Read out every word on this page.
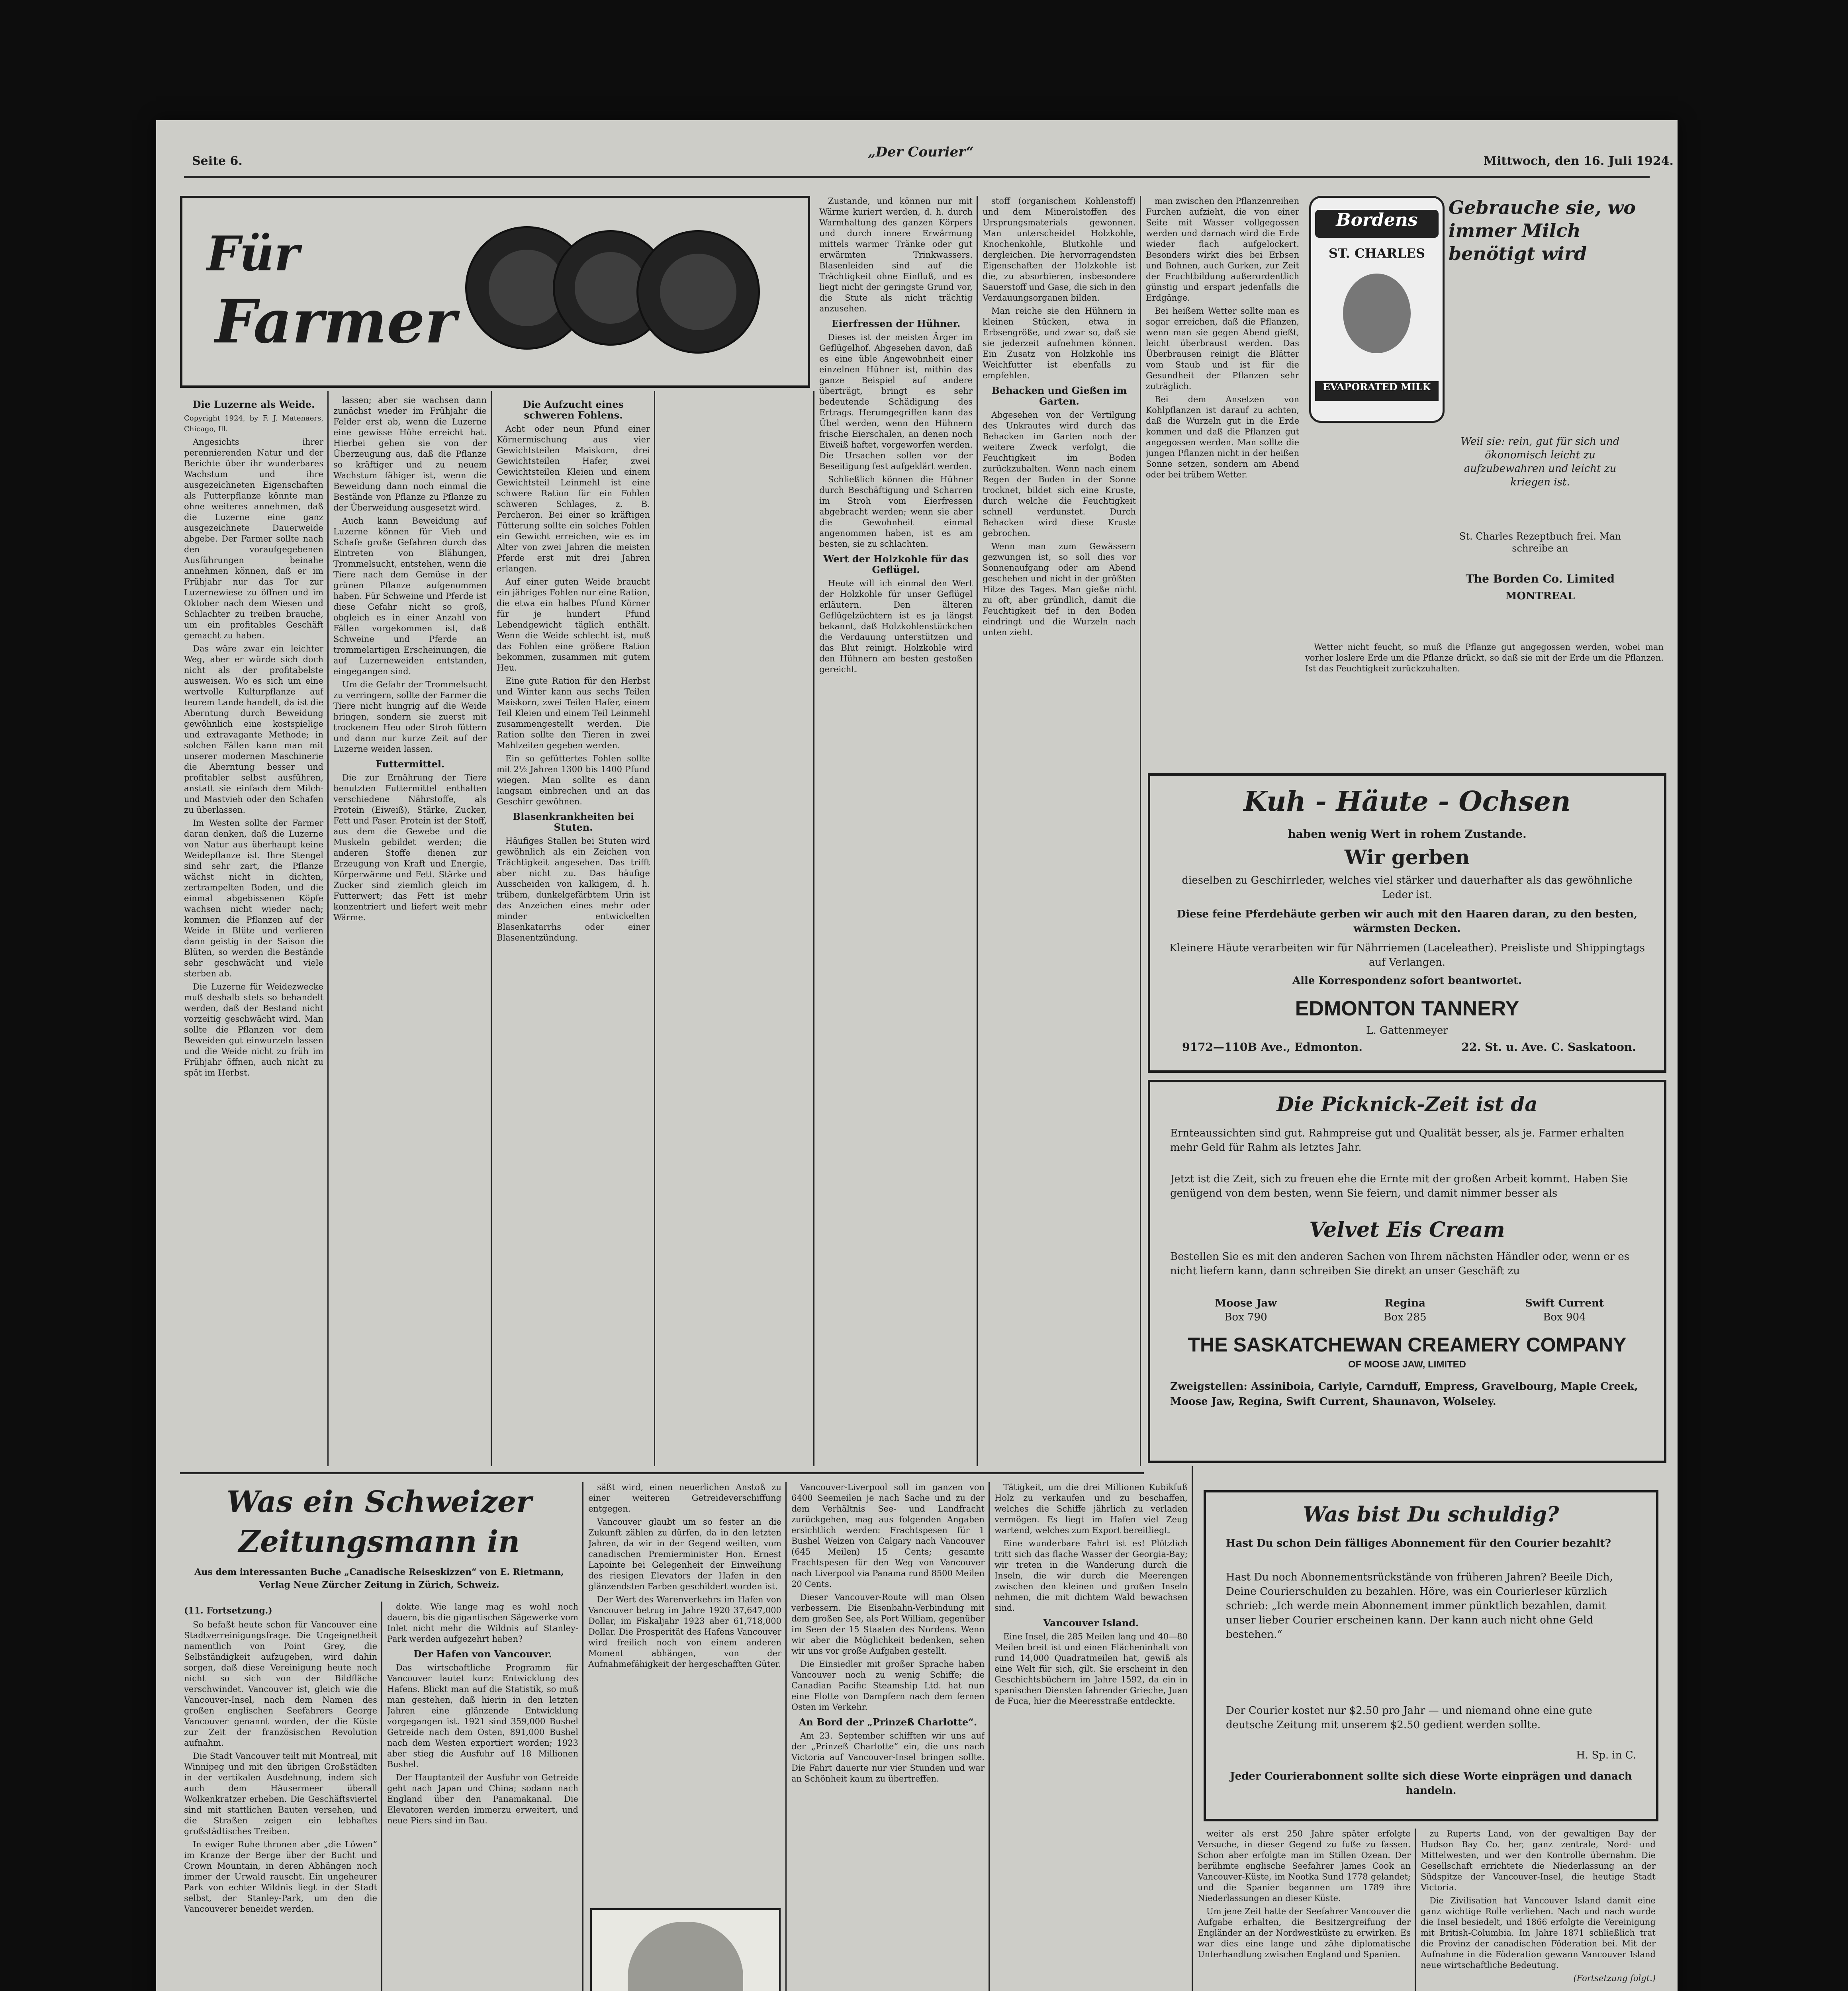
Seite 6.
„Der Courier“
Mittwoch, den 16. Juli 1924.
Für
Farmer
Die Luzerne als Weide.

Copyright 1924, by F. J. Matenaers, Chicago, Ill.

Angesichts ihrer perennierenden Natur und der Berichte über ihr wunderbares Wachstum und ihre ausgezeichneten Eigenschaften als Futterpflanze könnte man ohne weiteres annehmen, daß die Luzerne eine ganz ausgezeichnete Dauerweide abgebe. Der Farmer sollte nach den voraufgegebenen Ausführungen beinahe annehmen können, daß er im Frühjahr nur das Tor zur Luzernewiese zu öffnen und im Oktober nach dem Wiesen und Schlachter zu treiben brauche, um ein profitables Geschäft gemacht zu haben.

Das wäre zwar ein leichter Weg, aber er würde sich doch nicht als der profitabelste ausweisen. Wo es sich um eine wertvolle Kulturpflanze auf teurem Lande handelt, da ist die Aberntung durch Beweidung gewöhnlich eine kostspielige und extravagante Methode; in solchen Fällen kann man mit unserer modernen Maschinerie die Aberntung besser und profitabler selbst ausführen, anstatt sie einfach dem Milch- und Mastvieh oder den Schafen zu überlassen.

Im Westen sollte der Farmer daran denken, daß die Luzerne von Natur aus überhaupt keine Weidepflanze ist. Ihre Stengel sind sehr zart, die Pflanze wächst nicht in dichten, zertrampelten Boden, und die einmal abgebissenen Köpfe wachsen nicht wieder nach; kommen die Pflanzen auf der Weide in Blüte und verlieren dann geistig in der Saison die Blüten, so werden die Bestände sehr geschwächt und viele sterben ab.

Die Luzerne für Weidezwecke muß deshalb stets so behandelt werden, daß der Bestand nicht vorzeitig geschwächt wird. Man sollte die Pflanzen vor dem Beweiden gut einwurzeln lassen und die Weide nicht zu früh im Frühjahr öffnen, auch nicht zu spät im Herbst.

lassen; aber sie wachsen dann zunächst wieder im Frühjahr die Felder erst ab, wenn die Luzerne eine gewisse Höhe erreicht hat. Hierbei gehen sie von der Überzeugung aus, daß die Pflanze so kräftiger und zu neuem Wachstum fähiger ist, wenn die Beweidung dann noch einmal die Bestände von Pflanze zu Pflanze zu der Überweidung ausgesetzt wird.

Auch kann Beweidung auf Luzerne können für Vieh und Schafe große Gefahren durch das Eintreten von Blähungen, Trommelsucht, entstehen, wenn die Tiere nach dem Gemüse in der grünen Pflanze aufgenommen haben. Für Schweine und Pferde ist diese Gefahr nicht so groß, obgleich es in einer Anzahl von Fällen vorgekommen ist, daß Schweine und Pferde an trommelartigen Erscheinungen, die auf Luzerneweiden entstanden, eingegangen sind.

Um die Gefahr der Trommelsucht zu verringern, sollte der Farmer die Tiere nicht hungrig auf die Weide bringen, sondern sie zuerst mit trockenem Heu oder Stroh füttern und dann nur kurze Zeit auf der Luzerne weiden lassen.

Futtermittel.

Die zur Ernährung der Tiere benutzten Futtermittel enthalten verschiedene Nährstoffe, als Protein (Eiweiß), Stärke, Zucker, Fett und Faser. Protein ist der Stoff, aus dem die Gewebe und die Muskeln gebildet werden; die anderen Stoffe dienen zur Erzeugung von Kraft und Energie, Körperwärme und Fett. Stärke und Zucker sind ziemlich gleich im Futterwert; das Fett ist mehr konzentriert und liefert weit mehr Wärme.

Die Aufzucht eines schweren Fohlens.

Acht oder neun Pfund einer Körnermischung aus vier Gewichtsteilen Maiskorn, drei Gewichtsteilen Hafer, zwei Gewichtsteilen Kleien und einem Gewichtsteil Leinmehl ist eine schwere Ration für ein Fohlen schweren Schlages, z. B. Percheron. Bei einer so kräftigen Fütterung sollte ein solches Fohlen ein Gewicht erreichen, wie es im Alter von zwei Jahren die meisten Pferde erst mit drei Jahren erlangen.

Auf einer guten Weide braucht ein jähriges Fohlen nur eine Ration, die etwa ein halbes Pfund Körner für je hundert Pfund Lebendgewicht täglich enthält. Wenn die Weide schlecht ist, muß das Fohlen eine größere Ration bekommen, zusammen mit gutem Heu.

Eine gute Ration für den Herbst und Winter kann aus sechs Teilen Maiskorn, zwei Teilen Hafer, einem Teil Kleien und einem Teil Leinmehl zusammengestellt werden. Die Ration sollte den Tieren in zwei Mahlzeiten gegeben werden.

Ein so gefüttertes Fohlen sollte mit 2½ Jahren 1300 bis 1400 Pfund wiegen. Man sollte es dann langsam einbrechen und an das Geschirr gewöhnen.

Blasenkrankheiten bei Stuten.

Häufiges Stallen bei Stuten wird gewöhnlich als ein Zeichen von Trächtigkeit angesehen. Das trifft aber nicht zu. Das häufige Ausscheiden von kalkigem, d. h. trübem, dunkelgefärbtem Urin ist das Anzeichen eines mehr oder minder entwickelten Blasenkatarrhs oder einer Blasenentzündung.

Zustande, und können nur mit Wärme kuriert werden, d. h. durch Warmhaltung des ganzen Körpers und durch innere Erwärmung mittels warmer Tränke oder gut erwärmten Trinkwassers. Blasenleiden sind auf die Trächtigkeit ohne Einfluß, und es liegt nicht der geringste Grund vor, die Stute als nicht trächtig anzusehen.

Eierfressen der Hühner.

Dieses ist der meisten Ärger im Geflügelhof. Abgesehen davon, daß es eine üble Angewohnheit einer einzelnen Hühner ist, mithin das ganze Beispiel auf andere überträgt, bringt es sehr bedeutende Schädigung des Ertrags. Herumgegriffen kann das Übel werden, wenn den Hühnern frische Eierschalen, an denen noch Eiweiß haftet, vorgeworfen werden. Die Ursachen sollen vor der Beseitigung fest aufgeklärt werden.

Schließlich können die Hühner durch Beschäftigung und Scharren im Stroh vom Eierfressen abgebracht werden; wenn sie aber die Gewohnheit einmal angenommen haben, ist es am besten, sie zu schlachten.

Wert der Holzkohle für das Geflügel.

Heute will ich einmal den Wert der Holzkohle für unser Geflügel erläutern. Den älteren Geflügelzüchtern ist es ja längst bekannt, daß Holzkohlenstückchen die Verdauung unterstützen und das Blut reinigt. Holzkohle wird den Hühnern am besten gestoßen gereicht.

stoff (organischem Kohlenstoff) und dem Mineralstoffen des Ursprungsmaterials gewonnen. Man unterscheidet Holzkohle, Knochenkohle, Blutkohle und dergleichen. Die hervorragendsten Eigenschaften der Holzkohle ist die, zu absorbieren, insbesondere Sauerstoff und Gase, die sich in den Verdauungsorganen bilden.

Man reiche sie den Hühnern in kleinen Stücken, etwa in Erbsengröße, und zwar so, daß sie sie jederzeit aufnehmen können. Ein Zusatz von Holzkohle ins Weichfutter ist ebenfalls zu empfehlen.

Behacken und Gießen im Garten.

Abgesehen von der Vertilgung des Unkrautes wird durch das Behacken im Garten noch der weitere Zweck verfolgt, die Feuchtigkeit im Boden zurückzuhalten. Wenn nach einem Regen der Boden in der Sonne trocknet, bildet sich eine Kruste, durch welche die Feuchtigkeit schnell verdunstet. Durch Behacken wird diese Kruste gebrochen.

Wenn man zum Gewässern gezwungen ist, so soll dies vor Sonnenaufgang oder am Abend geschehen und nicht in der größten Hitze des Tages. Man gieße nicht zu oft, aber gründlich, damit die Feuchtigkeit tief in den Boden eindringt und die Wurzeln nach unten zieht.

man zwischen den Pflanzenreihen Furchen aufzieht, die von einer Seite mit Wasser vollgegossen werden und darnach wird die Erde wieder flach aufgelockert. Besonders wirkt dies bei Erbsen und Bohnen, auch Gurken, zur Zeit der Fruchtbildung außerordentlich günstig und erspart jedenfalls die Erdgänge.

Bei heißem Wetter sollte man es sogar erreichen, daß die Pflanzen, wenn man sie gegen Abend gießt, leicht überbraust werden. Das Überbrausen reinigt die Blätter vom Staub und ist für die Gesundheit der Pflanzen sehr zuträglich.

Bei dem Ansetzen von Kohlpflanzen ist darauf zu achten, daß die Wurzeln gut in die Erde kommen und daß die Pflanzen gut angegossen werden. Man sollte die jungen Pflanzen nicht in der heißen Sonne setzen, sondern am Abend oder bei trübem Wetter.

Bordens
ST. CHARLES
EVAPORATED MILK
Gebrauche sie, wo immer Milch benötigt wird
Weil sie: rein, gut für sich und ökonomisch leicht zu aufzubewahren und leicht zu kriegen ist.
St. Charles Rezeptbuch frei. Man schreibe an
The Borden Co. Limited
MONTREAL

Wetter nicht feucht, so muß die Pflanze gut angegossen werden, wobei man vorher loslere Erde um die Pflanze drückt, so daß sie mit der Erde um die Pflanzen. Ist das Feuchtigkeit zurückzuhalten.

Kuh - Häute - Ochsen
haben wenig Wert in rohem Zustande.
Wir gerben
dieselben zu Geschirrleder, welches viel stärker und dauerhafter als das gewöhnliche Leder ist.
Diese feine Pferdehäute gerben wir auch mit den Haaren daran, zu den besten, wärmsten Decken.
Kleinere Häute verarbeiten wir für Nährriemen (Laceleather). Preisliste und Shippingtags auf Verlangen.
Alle Korrespondenz sofort beantwortet.
EDMONTON TANNERY
L. Gattenmeyer
9172—110B Ave., Edmonton.	22. St. u. Ave. C. Saskatoon.
Die Picknick-Zeit ist da
Ernteaussichten sind gut. Rahmpreise gut und Qualität besser, als je. Farmer erhalten mehr Geld für Rahm als letztes Jahr.
Jetzt ist die Zeit, sich zu freuen ehe die Ernte mit der großen Arbeit kommt. Haben Sie genügend von dem besten, wenn Sie feiern, und damit nimmer besser als
Velvet Eis Cream
Bestellen Sie es mit den anderen Sachen von Ihrem nächsten Händler oder, wenn er es nicht liefern kann, dann schreiben Sie direkt an unser Geschäft zu
Moose Jaw
Box 790
Regina
Box 285
Swift Current
Box 904
THE SASKATCHEWAN CREAMERY COMPANY
OF MOOSE JAW, LIMITED
Zweigstellen: Assiniboia, Carlyle, Carnduff, Empress, Gravelbourg, Maple Creek, Moose Jaw, Regina, Swift Current, Shaunavon, Wolseley.
Was ein Schweizer Zeitungsmann in
Aus dem interessanten Buche „Canadische Reiseskizzen“ von E. Rietmann, Verlag Neue Zürcher Zeitung in Zürich, Schweiz.
(11. Fortsetzung.)

So befaßt heute schon für Vancouver eine Stadtverreinigungsfrage. Die Ungeignetheit namentlich von Point Grey, die Selbständigkeit aufzugeben, wird dahin sorgen, daß diese Vereinigung heute noch nicht so sich von der Bildfläche verschwindet. Vancouver ist, gleich wie die Vancouver-Insel, nach dem Namen des großen englischen Seefahrers George Vancouver genannt worden, der die Küste zur Zeit der französischen Revolution aufnahm.

Die Stadt Vancouver teilt mit Montreal, mit Winnipeg und mit den übrigen Großstädten in der vertikalen Ausdehnung, indem sich auch dem Häusermeer überall Wolkenkratzer erheben. Die Geschäftsviertel sind mit stattlichen Bauten versehen, und die Straßen zeigen ein lebhaftes großstädtisches Treiben.

In ewiger Ruhe thronen aber „die Löwen“ im Kranze der Berge über der Bucht und Crown Mountain, in deren Abhängen noch immer der Urwald rauscht. Ein ungeheurer Park von echter Wildnis liegt in der Stadt selbst, der Stanley-Park, um den die Vancouverer beneidet werden.

dokte. Wie lange mag es wohl noch dauern, bis die gigantischen Sägewerke vom Inlet nicht mehr die Wildnis auf Stanley-Park werden aufgezehrt haben?

Der Hafen von Vancouver.

Das wirtschaftliche Programm für Vancouver lautet kurz: Entwicklung des Hafens. Blickt man auf die Statistik, so muß man gestehen, daß hierin in den letzten Jahren eine glänzende Entwicklung vorgegangen ist. 1921 sind 359,000 Bushel Getreide nach dem Osten, 891,000 Bushel nach dem Westen exportiert worden; 1923 aber stieg die Ausfuhr auf 18 Millionen Bushel.

Der Hauptanteil der Ausfuhr von Getreide geht nach Japan und China; sodann nach England über den Panamakanal. Die Elevatoren werden immerzu erweitert, und neue Piers sind im Bau.

säßt wird, einen neuerlichen Anstoß zu einer weiteren Getreideverschiffung entgegen.

Vancouver glaubt um so fester an die Zukunft zählen zu dürfen, da in den letzten Jahren, da wir in der Gegend weilten, vom canadischen Premierminister Hon. Ernest Lapointe bei Gelegenheit der Einweihung des riesigen Elevators der Hafen in den glänzendsten Farben geschildert worden ist.

Der Wert des Warenverkehrs im Hafen von Vancouver betrug im Jahre 1920 37,647,000 Dollar, im Fiskaljahr 1923 aber 61,718,000 Dollar. Die Prosperität des Hafens Vancouver wird freilich noch von einem anderen Moment abhängen, von der Aufnahmefähigkeit der hergeschafften Güter.

Vancouver-Liverpool soll im ganzen von 6400 Seemeilen je nach Sache und zu der dem Verhältnis See- und Landfracht zurückgehen, mag aus folgenden Angaben ersichtlich werden: Frachtspesen für 1 Bushel Weizen von Calgary nach Vancouver (645 Meilen) 15 Cents; gesamte Frachtspesen für den Weg von Vancouver nach Liverpool via Panama rund 8500 Meilen 20 Cents.

Dieser Vancouver-Route will man Olsen verbessern. Die Eisenbahn-Verbindung mit dem großen See, als Port William, gegenüber im Seen der 15 Staaten des Nordens. Wenn wir aber die Möglichkeit bedenken, sehen wir uns vor große Aufgaben gestellt.

Die Einsiedler mit großer Sprache haben Vancouver noch zu wenig Schiffe; die Canadian Pacific Steamship Ltd. hat nun eine Flotte von Dampfern nach dem fernen Osten im Verkehr.

An Bord der „Prinzeß Charlotte“.

Am 23. September schifften wir uns auf der „Prinzeß Charlotte“ ein, die uns nach Victoria auf Vancouver-Insel bringen sollte. Die Fahrt dauerte nur vier Stunden und war an Schönheit kaum zu übertreffen.

Tätigkeit, um die drei Millionen Kubikfuß Holz zu verkaufen und zu beschaffen, welches die Schiffe jährlich zu verladen vermögen. Es liegt im Hafen viel Zeug wartend, welches zum Export bereitliegt.

Eine wunderbare Fahrt ist es! Plötzlich tritt sich das flache Wasser der Georgia-Bay; wir treten in die Wanderung durch die Inseln, die wir durch die Meerengen zwischen den kleinen und großen Inseln nehmen, die mit dichtem Wald bewachsen sind.

Vancouver Island.

Eine Insel, die 285 Meilen lang und 40—80 Meilen breit ist und einen Flächeninhalt von rund 14,000 Quadratmeilen hat, gewiß als eine Welt für sich, gilt. Sie erscheint in den Geschichtsbüchern im Jahre 1592, da ein in spanischen Diensten fahrender Grieche, Juan de Fuca, hier die Meeresstraße entdeckte.

Was bist Du schuldig?
Hast Du schon Dein fälliges Abonnement für den Courier bezahlt?
Hast Du noch Abonnementsrückstände von früheren Jahren? Beeile Dich, Deine Courierschulden zu bezahlen. Höre, was ein Courierleser kürzlich schrieb: „Ich werde mein Abonnement immer pünktlich bezahlen, damit unser lieber Courier erscheinen kann. Der kann auch nicht ohne Geld bestehen.“
Der Courier kostet nur $2.50 pro Jahr — und niemand ohne eine gute deutsche Zeitung mit unserem $2.50 gedient werden sollte.
H. Sp. in C.
Jeder Courierabonnent sollte sich diese Worte einprägen und danach handeln.

weiter als erst 250 Jahre später erfolgte Versuche, in dieser Gegend zu fuße zu fassen. Schon aber erfolgte man im Stillen Ozean. Der berühmte englische Seefahrer James Cook an Vancouver-Küste, im Nootka Sund 1778 gelandet; und die Spanier begannen um 1789 ihre Niederlassungen an dieser Küste.

Um jene Zeit hatte der Seefahrer Vancouver die Aufgabe erhalten, die Besitzergreifung der Engländer an der Nordwestküste zu erwirken. Es war dies eine lange und zähe diplomatische Unterhandlung zwischen England und Spanien.

zu Ruperts Land, von der gewaltigen Bay der Hudson Bay Co. her, ganz zentrale, Nord- und Mittelwesten, und wer den Kontrolle übernahm. Die Gesellschaft errichtete die Niederlassung an der Südspitze der Vancouver-Insel, die heutige Stadt Victoria.

Die Zivilisation hat Vancouver Island damit eine ganz wichtige Rolle verliehen. Nach und nach wurde die Insel besiedelt, und 1866 erfolgte die Vereinigung mit British-Columbia. Im Jahre 1871 schließlich trat die Provinz der canadischen Föderation bei. Mit der Aufnahme in die Föderation gewann Vancouver Island neue wirtschaftliche Bedeutung.

(Fortsetzung folgt.)
